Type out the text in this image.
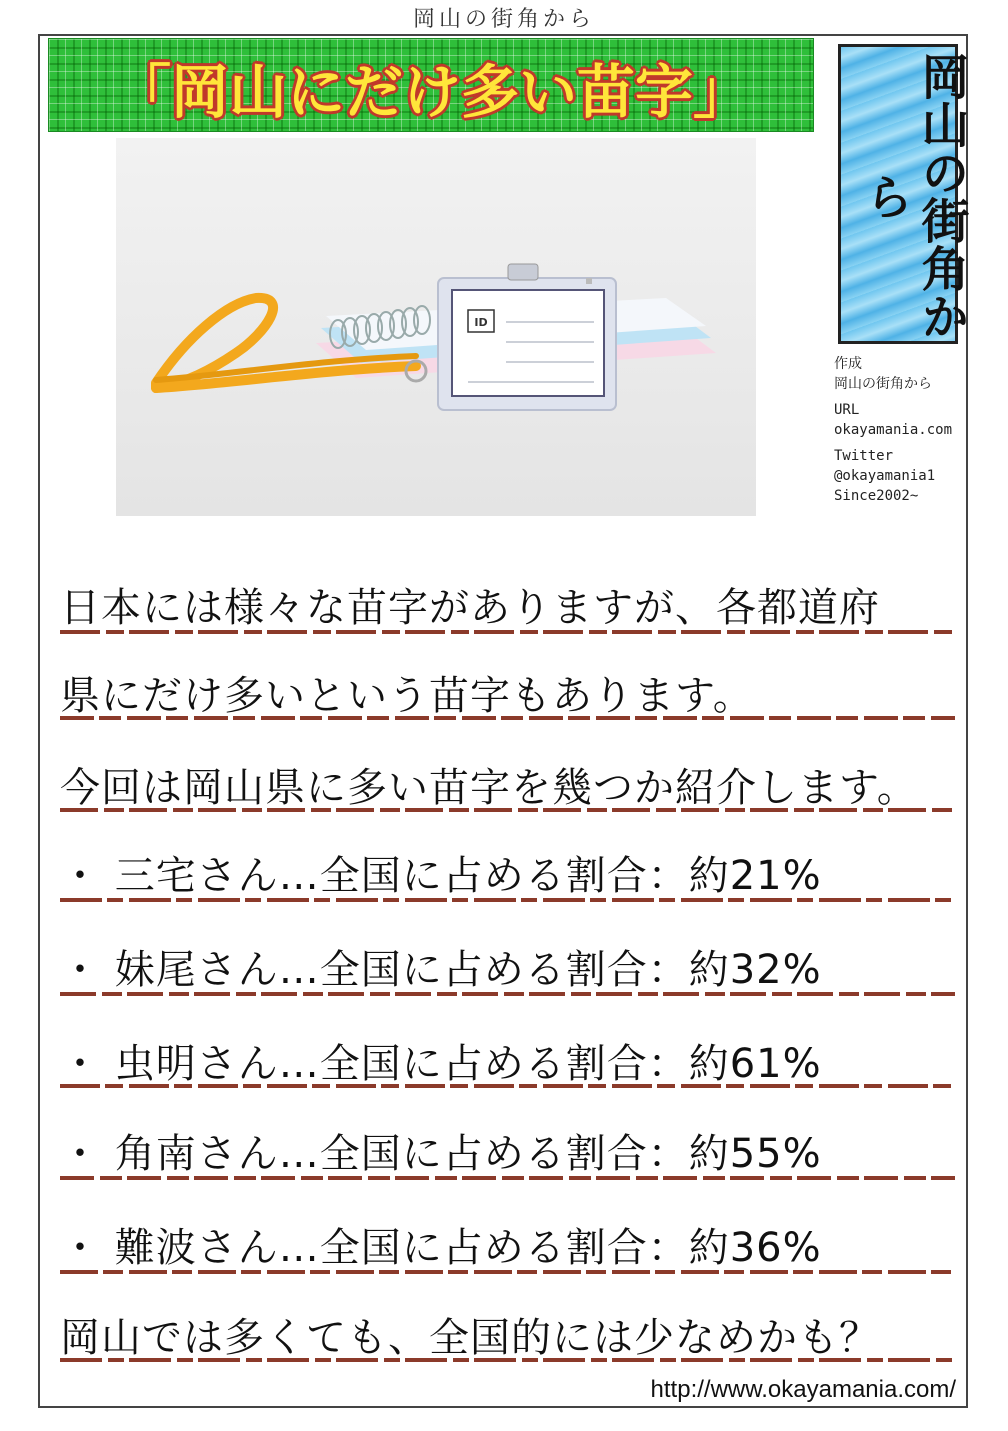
岡山の街角から
「岡山にだけ多い苗字」	岡山の街角から
ID
作成
岡山の街角から
URL
okayamania.com
Twitter
@okayamania1
Since2002~
日本には様々な苗字がありますが、各都道府
県にだけ多いという苗字もあります。
今回は岡山県に多い苗字を幾つか紹介します。
・ 三宅さん…全国に占める割合：約21%
・ 妹尾さん…全国に占める割合：約32%
・ 虫明さん…全国に占める割合：約61%
・ 角南さん…全国に占める割合：約55%
・ 難波さん…全国に占める割合：約36%
岡山では多くても、全国的には少なめかも？
http://www.okayamania.com/
